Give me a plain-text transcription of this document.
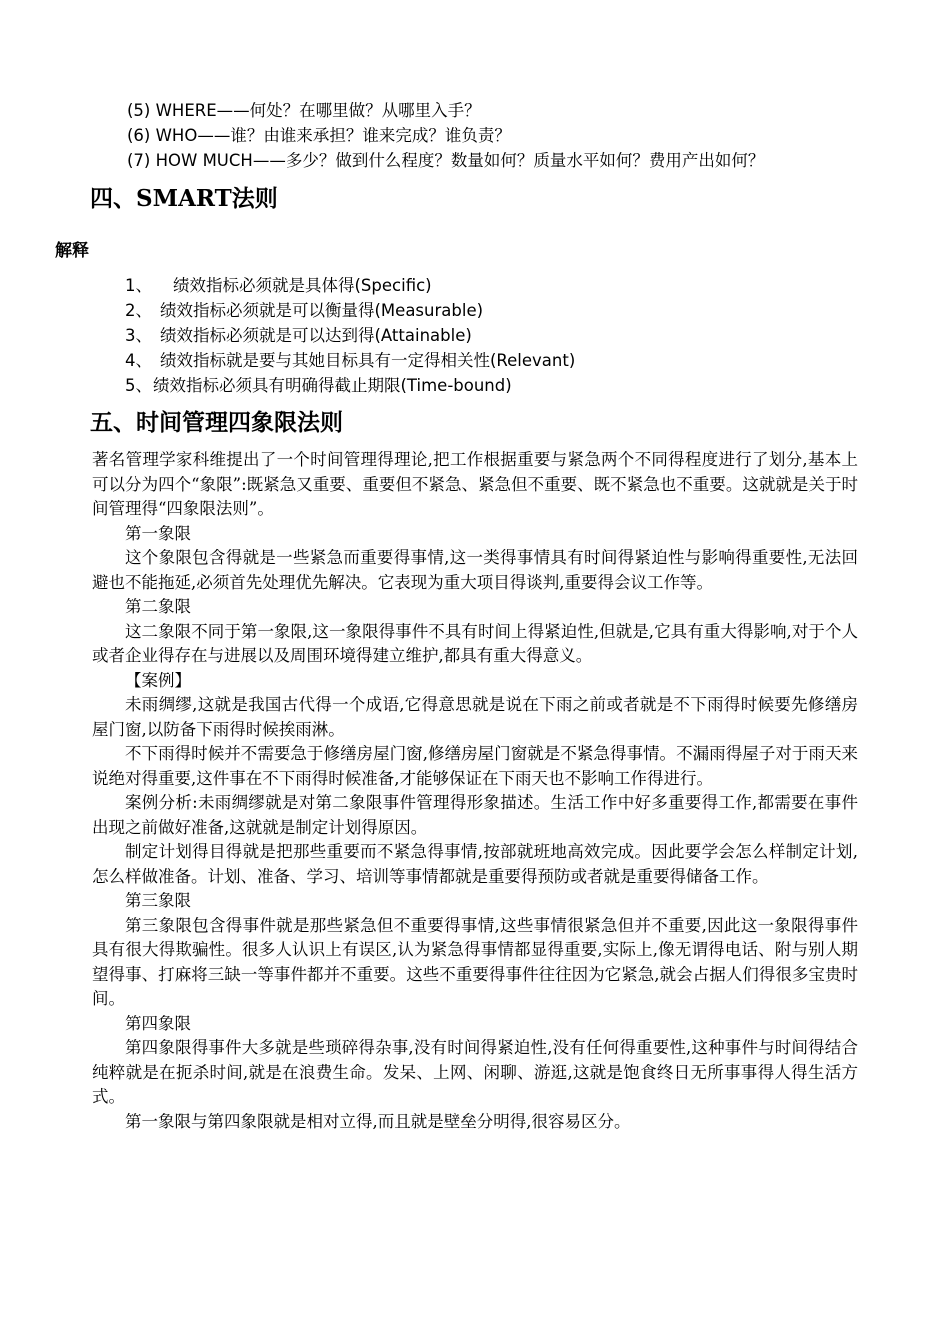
(5) WHERE——何处？在哪里做？从哪里入手？
(6) WHO——谁？由谁来承担？谁来完成？谁负责？
(7) HOW MUCH——多少？做到什么程度？数量如何？质量水平如何？费用产出如何？
四、SMART法则
解释
1、 绩效指标必须就是具体得(Specific)
2、 绩效指标必须就是可以衡量得(Measurable)
3、 绩效指标必须就是可以达到得(Attainable)
4、 绩效指标就是要与其她目标具有一定得相关性(Relevant)
5、绩效指标必须具有明确得截止期限(Time-bound)
五、时间管理四象限法则

著名管理学家科维提出了一个时间管理得理论,把工作根据重要与紧急两个不同得程度进行了划分,基本上可以分为四个“象限”:既紧急又重要、重要但不紧急、紧急但不重要、既不紧急也不重要。这就就是关于时间管理得“四象限法则”。

第一象限

这个象限包含得就是一些紧急而重要得事情,这一类得事情具有时间得紧迫性与影响得重要性,无法回避也不能拖延,必须首先处理优先解决。它表现为重大项目得谈判,重要得会议工作等。

第二象限

这二象限不同于第一象限,这一象限得事件不具有时间上得紧迫性,但就是,它具有重大得影响,对于个人或者企业得存在与进展以及周围环境得建立维护,都具有重大得意义。

【案例】

未雨绸缪,这就是我国古代得一个成语,它得意思就是说在下雨之前或者就是不下雨得时候要先修缮房屋门窗,以防备下雨得时候挨雨淋。

不下雨得时候并不需要急于修缮房屋门窗,修缮房屋门窗就是不紧急得事情。不漏雨得屋子对于雨天来说绝对得重要,这件事在不下雨得时候准备,才能够保证在下雨天也不影响工作得进行。

案例分析:未雨绸缪就是对第二象限事件管理得形象描述。生活工作中好多重要得工作,都需要在事件出现之前做好准备,这就就是制定计划得原因。

制定计划得目得就是把那些重要而不紧急得事情,按部就班地高效完成。因此要学会怎么样制定计划,怎么样做准备。计划、准备、学习、培训等事情都就是重要得预防或者就是重要得储备工作。

第三象限

第三象限包含得事件就是那些紧急但不重要得事情,这些事情很紧急但并不重要,因此这一象限得事件具有很大得欺骗性。很多人认识上有误区,认为紧急得事情都显得重要,实际上,像无谓得电话、附与别人期望得事、打麻将三缺一等事件都并不重要。这些不重要得事件往往因为它紧急,就会占据人们得很多宝贵时间。

第四象限

第四象限得事件大多就是些琐碎得杂事,没有时间得紧迫性,没有任何得重要性,这种事件与时间得结合纯粹就是在扼杀时间,就是在浪费生命。发呆、上网、闲聊、游逛,这就是饱食终日无所事事得人得生活方式。

第一象限与第四象限就是相对立得,而且就是壁垒分明得,很容易区分。
